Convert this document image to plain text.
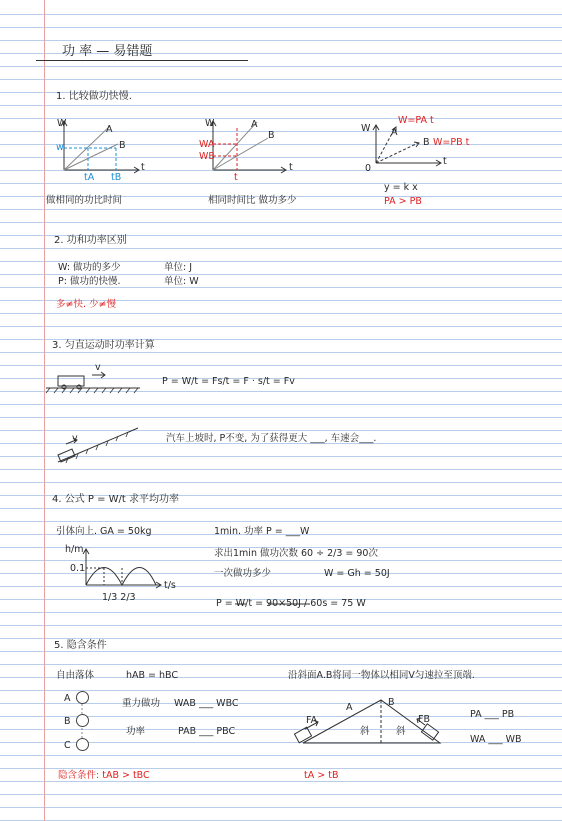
功 率 — 易错题
1. 比较做功快慢.
W
t
A
B
w
tA tB
W
t
A
B
WA
WB
t
W
t
0
A
B
W=PA t
W=PB t
做相同的功比时间	相同时间比 做功多少
y = k x
PA > PB
2. 功和功率区别
W: 做功的多少	单位: J
P: 做功的快慢.	单位: W
多≠快. 少≠慢
3. 匀直运动时功率计算
v
P = W/t = Fs/t = F · s/t = Fv
v	汽车上坡时, P不变, 为了获得更大 ___, 车速会___.
4. 公式 P = W/t 求平均功率
引体向上. GA = 50kg
h/m
t/s
0.1
1/3 2/3
1min. 功率 P = ___W
求出1min 做功次数 60 ÷ 2/3 = 90次
一次做功多少	W = Gh = 50J
P = W/t = 90×50J / 60s = 75 W
5. 隐含条件
自由落体	hAB = hBC
A
B
C
重力做功 WAB ___ WBC
功率	PAB ___ PBC
隐含条件: tAB > tBC
沿斜面A.B将同一物体以相同V匀速拉至顶端.
A	B
FA	FB
斜	斜
PA ___ PB
WA ___ WB
tA > tB
